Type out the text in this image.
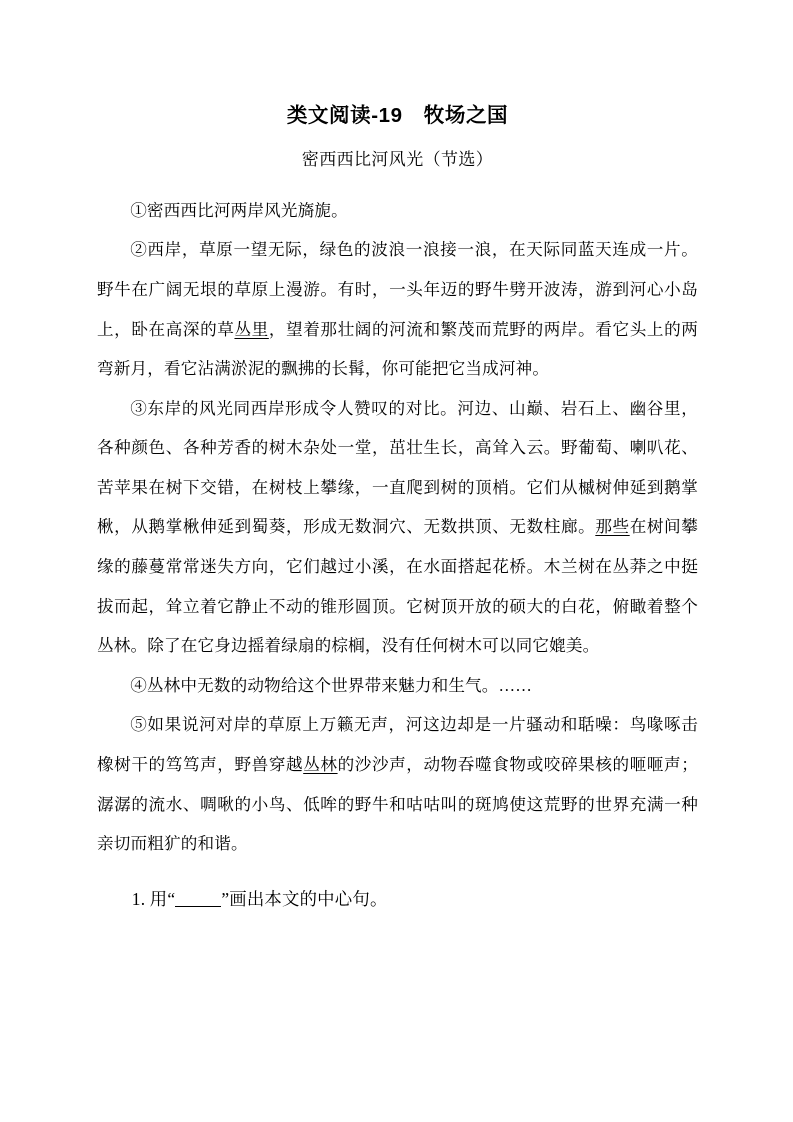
类文阅读-19　牧场之国
密西西比河风光（节选）

①密西西比河两岸风光旖旎。

②西岸，草原一望无际，绿色的波浪一浪接一浪，在天际同蓝天连成一片。野牛在广阔无垠的草原上漫游。有时，一头年迈的野牛劈开波涛，游到河心小岛上，卧在高深的草丛里，望着那壮阔的河流和繁茂而荒野的两岸。看它头上的两弯新月，看它沾满淤泥的飘拂的长髯，你可能把它当成河神。

③东岸的风光同西岸形成令人赞叹的对比。河边、山巅、岩石上、幽谷里，各种颜色、各种芳香的树木杂处一堂，茁壮生长，高耸入云。野葡萄、喇叭花、苦苹果在树下交错，在树枝上攀缘，一直爬到树的顶梢。它们从槭树伸延到鹅掌楸，从鹅掌楸伸延到蜀葵，形成无数洞穴、无数拱顶、无数柱廊。那些在树间攀缘的藤蔓常常迷失方向，它们越过小溪，在水面搭起花桥。木兰树在丛莽之中挺拔而起，耸立着它静止不动的锥形圆顶。它树顶开放的硕大的白花，俯瞰着整个丛林。除了在它身边摇着绿扇的棕榈，没有任何树木可以同它媲美。

④丛林中无数的动物给这个世界带来魅力和生气。……

⑤如果说河对岸的草原上万籁无声，河这边却是一片骚动和聒噪：鸟喙啄击橡树干的笃笃声，野兽穿越丛林的沙沙声，动物吞噬食物或咬碎果核的咂咂声；潺潺的流水、啁啾的小鸟、低哞的野牛和咕咕叫的斑鸠使这荒野的世界充满一种亲切而粗犷的和谐。

1. 用“	”画出本文的中心句。
